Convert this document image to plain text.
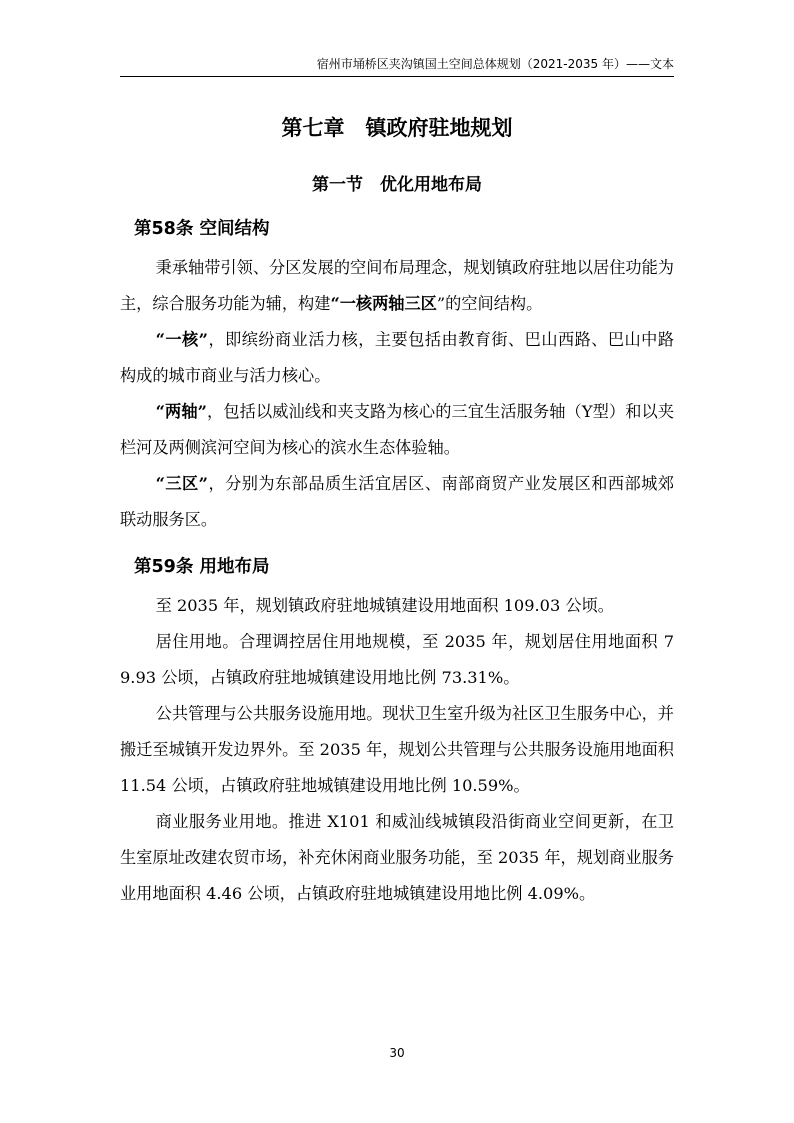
宿州市埇桥区夹沟镇国土空间总体规划（2021-2035 年）——文本
第七章　镇政府驻地规划
第一节　优化用地布局
第58条 空间结构

秉承轴带引领、分区发展的空间布局理念，规划镇政府驻地以居住功能为主，综合服务功能为辅，构建“一核两轴三区”的空间结构。

“一核”，即缤纷商业活力核，主要包括由教育街、巴山西路、巴山中路构成的城市商业与活力核心。

“两轴”，包括以威汕线和夹支路为核心的三宜生活服务轴（Y型）和以夹栏河及两侧滨河空间为核心的滨水生态体验轴。

“三区”，分别为东部品质生活宜居区、南部商贸产业发展区和西部城郊联动服务区。

第59条 用地布局

至 2035 年，规划镇政府驻地城镇建设用地面积 109.03 公顷。

居住用地。合理调控居住用地规模，至 2035 年，规划居住用地面积 79.93 公顷，占镇政府驻地城镇建设用地比例 73.31%。

公共管理与公共服务设施用地。现状卫生室升级为社区卫生服务中心，并搬迁至城镇开发边界外。至 2035 年，规划公共管理与公共服务设施用地面积 11.54 公顷，占镇政府驻地城镇建设用地比例 10.59%。

商业服务业用地。推进 X101 和威汕线城镇段沿街商业空间更新，在卫生室原址改建农贸市场，补充休闲商业服务功能，至 2035 年，规划商业服务业用地面积 4.46 公顷，占镇政府驻地城镇建设用地比例 4.09%。

30
